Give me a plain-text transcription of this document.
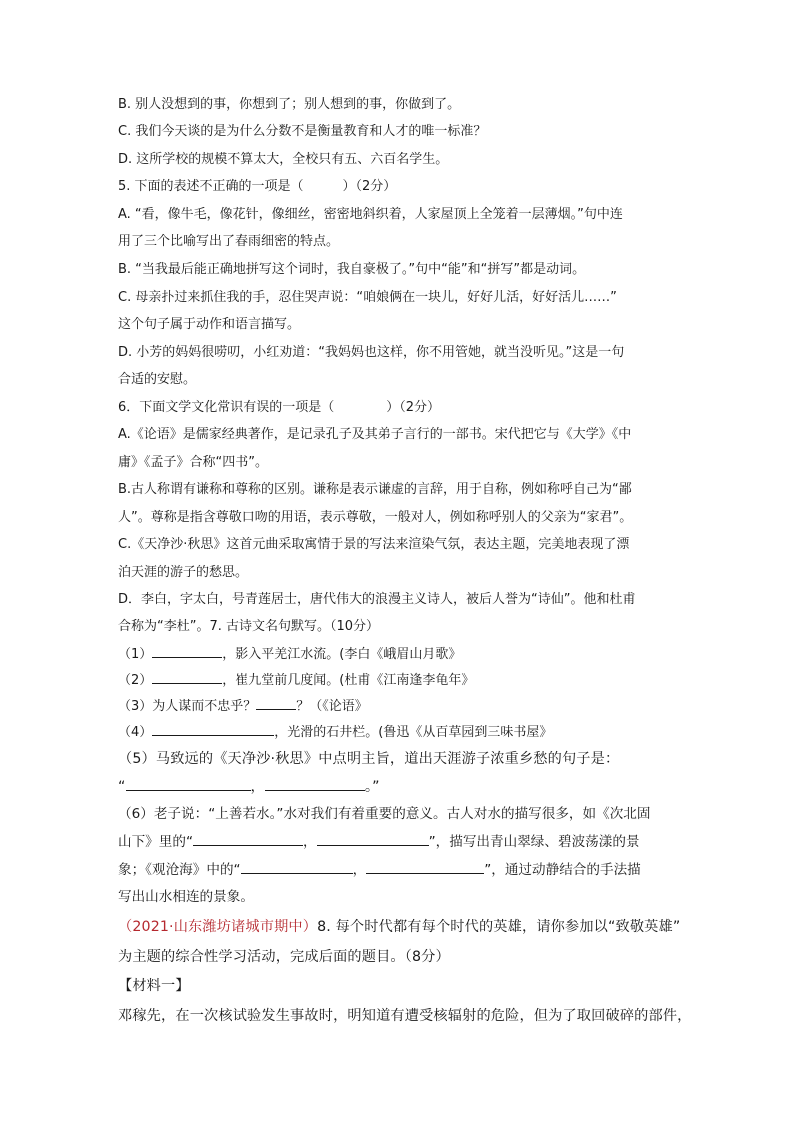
B. 别人没想到的事，你想到了；别人想到的事，你做到了。

C. 我们今天谈的是为什么分数不是衡量教育和人才的唯一标准？

D. 这所学校的规模不算太大，全校只有五、六百名学生。

5. 下面的表述不正确的一项是（　　　）（2分）

A. “看，像牛毛，像花针，像细丝，密密地斜织着，人家屋顶上全笼着一层薄烟。”句中连

用了三个比喻写出了春雨细密的特点。

B. “当我最后能正确地拼写这个词时，我自豪极了。”句中“能”和“拼写”都是动词。

C. 母亲扑过来抓住我的手，忍住哭声说：“咱娘俩在一块儿，好好儿活，好好活儿……”

这个句子属于动作和语言描写。

D. 小芳的妈妈很唠叨，小红劝道：“我妈妈也这样，你不用管她，就当没听见。”这是一句

合适的安慰。

6．下面文学文化常识有误的一项是（　　　　）（2分）

A.《论语》是儒家经典著作，是记录孔子及其弟子言行的一部书。宋代把它与《大学》《中

庸》《孟子》合称“四书”。

B.古人称谓有谦称和尊称的区别。谦称是表示谦虚的言辞，用于自称，例如称呼自己为“鄙

人”。尊称是指含尊敬口吻的用语，表示尊敬，一般对人，例如称呼别人的父亲为“家君”。

C.《天净沙·秋思》这首元曲采取寓情于景的写法来渲染气氛，表达主题，完美地表现了漂

泊天涯的游子的愁思。

D．李白，字太白，号青莲居士，唐代伟大的浪漫主义诗人，被后人誉为“诗仙”。他和杜甫

合称为“李杜”。7. 古诗文名句默写。（10分）

（1）	，影入平羌江水流。(李白《峨眉山月歌》

（2）	，崔九堂前几度闻。(杜甫《江南逢李龟年》

（3）为人谋而不忠乎？	？（《论语》

（4）	，光滑的石井栏。(鲁迅《从百草园到三味书屋》

（5）马致远的《天净沙·秋思》中点明主旨，道出天涯游子浓重乡愁的句子是：

“	，	。”

（6）老子说：“上善若水。”水对我们有着重要的意义。古人对水的描写很多，如《次北固

山下》里的“	，	”，描写出青山翠绿、碧波荡漾的景

象；《观沧海》中的“	，	”，通过动静结合的手法描

写出山水相连的景象。

（2021·山东潍坊诸城市期中）8. 每个时代都有每个时代的英雄，请你参加以“致敬英雄”

为主题的综合性学习活动，完成后面的题目。（8分）

【材料一】

邓稼先，在一次核试验发生事故时，明知道有遭受核辐射的危险，但为了取回破碎的部件，
